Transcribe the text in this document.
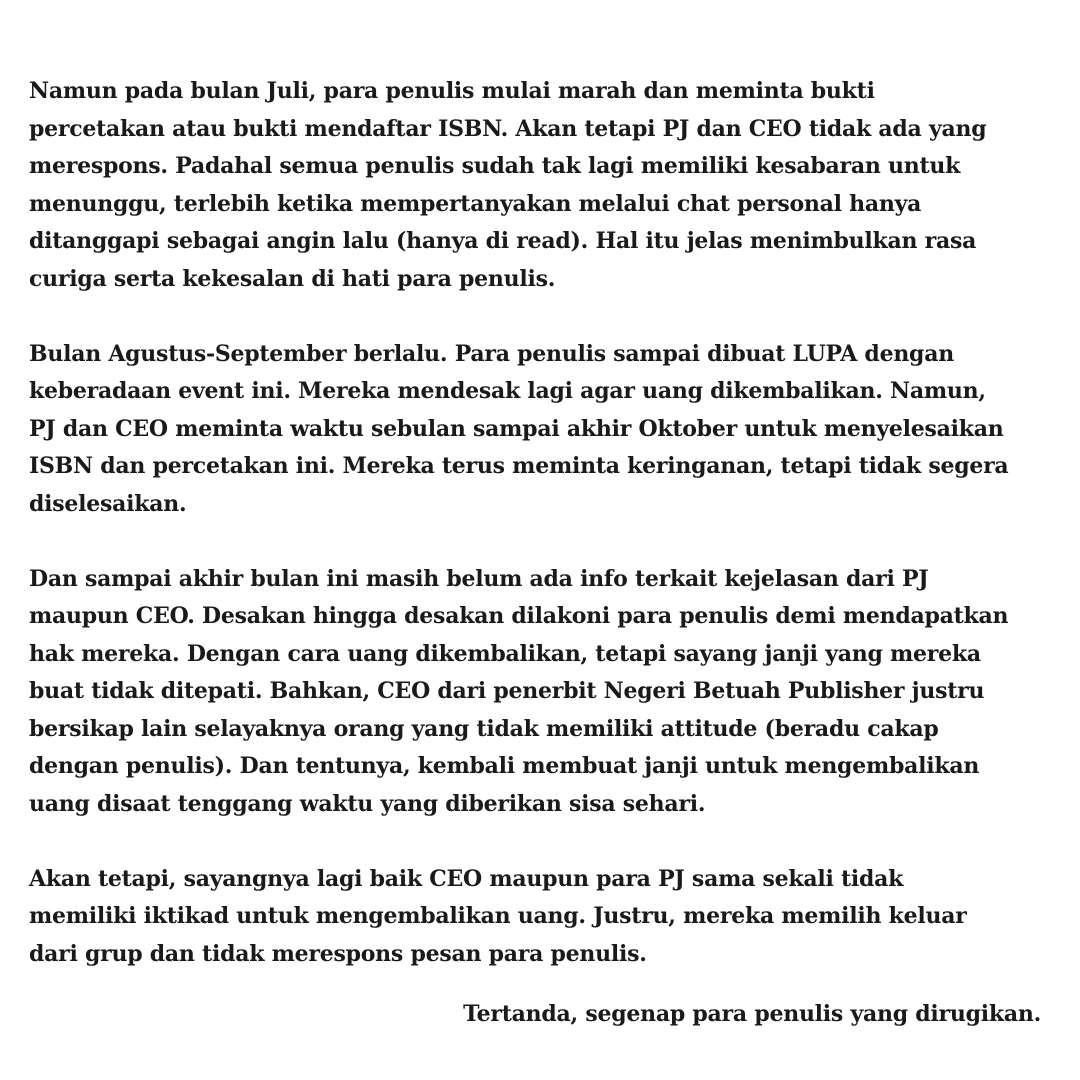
Namun pada bulan Juli, para penulis mulai marah dan meminta bukti
percetakan atau bukti mendaftar ISBN. Akan tetapi PJ dan CEO tidak ada yang
merespons. Padahal semua penulis sudah tak lagi memiliki kesabaran untuk
menunggu, terlebih ketika mempertanyakan melalui chat personal hanya
ditanggapi sebagai angin lalu (hanya di read). Hal itu jelas menimbulkan rasa
curiga serta kekesalan di hati para penulis.

Bulan Agustus-September berlalu. Para penulis sampai dibuat LUPA dengan
keberadaan event ini. Mereka mendesak lagi agar uang dikembalikan. Namun,
PJ dan CEO meminta waktu sebulan sampai akhir Oktober untuk menyelesaikan
ISBN dan percetakan ini. Mereka terus meminta keringanan, tetapi tidak segera
diselesaikan.

Dan sampai akhir bulan ini masih belum ada info terkait kejelasan dari PJ
maupun CEO. Desakan hingga desakan dilakoni para penulis demi mendapatkan
hak mereka. Dengan cara uang dikembalikan, tetapi sayang janji yang mereka
buat tidak ditepati. Bahkan, CEO dari penerbit Negeri Betuah Publisher justru
bersikap lain selayaknya orang yang tidak memiliki attitude (beradu cakap
dengan penulis). Dan tentunya, kembali membuat janji untuk mengembalikan
uang disaat tenggang waktu yang diberikan sisa sehari.

Akan tetapi, sayangnya lagi baik CEO maupun para PJ sama sekali tidak
memiliki iktikad untuk mengembalikan uang. Justru, mereka memilih keluar
dari grup dan tidak merespons pesan para penulis.

Tertanda, segenap para penulis yang dirugikan.
